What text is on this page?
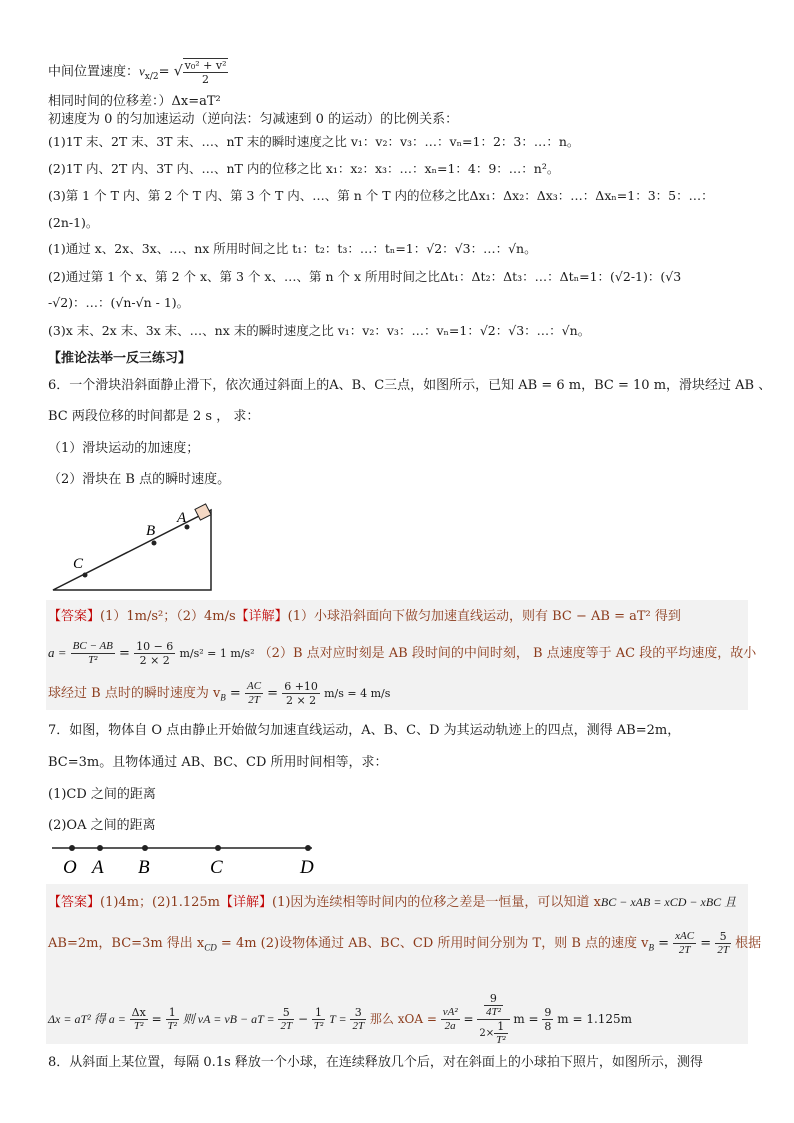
中间位置速度：$v_{x/2}=$ √ $\frac{\text{v₀² + v²}}{2}$
相同时间的位移差：）Δx=aT²
初速度为 0 的匀加速运动（逆向法：匀减速到 0 的运动）的比例关系：
(1)1T 末、2T 末、3T 末、…、nT 末的瞬时速度之比 v₁：v₂：v₃：…：vₙ=1：2：3：…：n。
(2)1T 内、2T 内、3T 内、…、nT 内的位移之比 x₁：x₂：x₃：…：xₙ=1：4：9：…：n²。
(3)第 1 个 T 内、第 2 个 T 内、第 3 个 T 内、…、第 n 个 T 内的位移之比Δx₁：Δx₂：Δx₃：…：Δxₙ=1：3：5：…：
(2n-1)。
(1)通过 x、2x、3x、…、nx 所用时间之比 t₁：t₂：t₃：…：tₙ=1：√2：√3：…：√n。
(2)通过第 1 个 x、第 2 个 x、第 3 个 x、…、第 n 个 x 所用时间之比Δt₁：Δt₂：Δt₃：…：Δtₙ=1：(√2-1)：(√3
-√2)：…：(√n-√n - 1)。
(3)x 末、2x 末、3x 末、…、nx 末的瞬时速度之比 v₁：v₂：v₃：…：vₙ=1：√2：√3：…：√n。
【推论法举一反三练习】
6．一个滑块沿斜面静止滑下，依次通过斜面上的A、B、C三点，如图所示，已知 AB = 6 m，BC = 10 m，滑块经过 AB 、
BC 两段位移的时间都是 2 s ， 求：
（1）滑块运动的加速度；
（2）滑块在 B 点的瞬时速度。
A
B
C
【答案】(1）1m/s²；（2）4m/s【详解】(1）小球沿斜面向下做匀加速直线运动，则有 BC − AB = aT² 得到
$a = \frac{BC - AB}{\text{T²}} = \frac{10 - 6}{2 \times 2} m/s^2 = 1$ m/s² （2）B 点对应时刻是 AB 段时间的中间时刻， B 点速度等于 AC 段的平均速度，故小
球经过 B 点时的瞬时速度为 $v_B = \frac{AC}{2T} = \frac{6 +10}{2 \times 2} m/s = 4$ m/s
7．如图，物体自 O 点由静止开始做匀加速直线运动，A、B、C、D 为其运动轨迹上的四点，测得 AB=2m，
BC=3m。且物体通过 AB、BC、CD 所用时间相等，求：
(1)CD 之间的距离
(2)OA 之间的距离
O A B	C	D
【答案】(1)4m；(2)1.125m【详解】(1)因为连续相等时间内的位移之差是一恒量，可以知道 xBC − xAB = xCD − xBC 且
AB=2m，BC=3m 得出 $x_{CD} = 4m$ (2)设物体通过 AB、BC、CD 所用时间分别为 T，则 B 点的速度 $v_B = \frac{\text{xAC}}{2T} = \frac{5}{2T}$ 根据
Δx = aT² 得 $a = \frac{\Delta x}{\text{T²}} = \frac{1}{\text{T²}}$ 则 vA = vB − aT = $\frac{5}{2T} - \frac{1}{\text{T²}}$ $T = \frac{3}{2T}$ 那么 xOA = $\frac{\text{vA²}}{2a} = \frac{\frac{9}{\text{4T²}}}{2\times \frac{1}{\text{T²}}}$ $m = \frac{9}{8}$ m = 1.125m
8．从斜面上某位置，每隔 0.1s 释放一个小球，在连续释放几个后，对在斜面上的小球拍下照片，如图所示，测得
